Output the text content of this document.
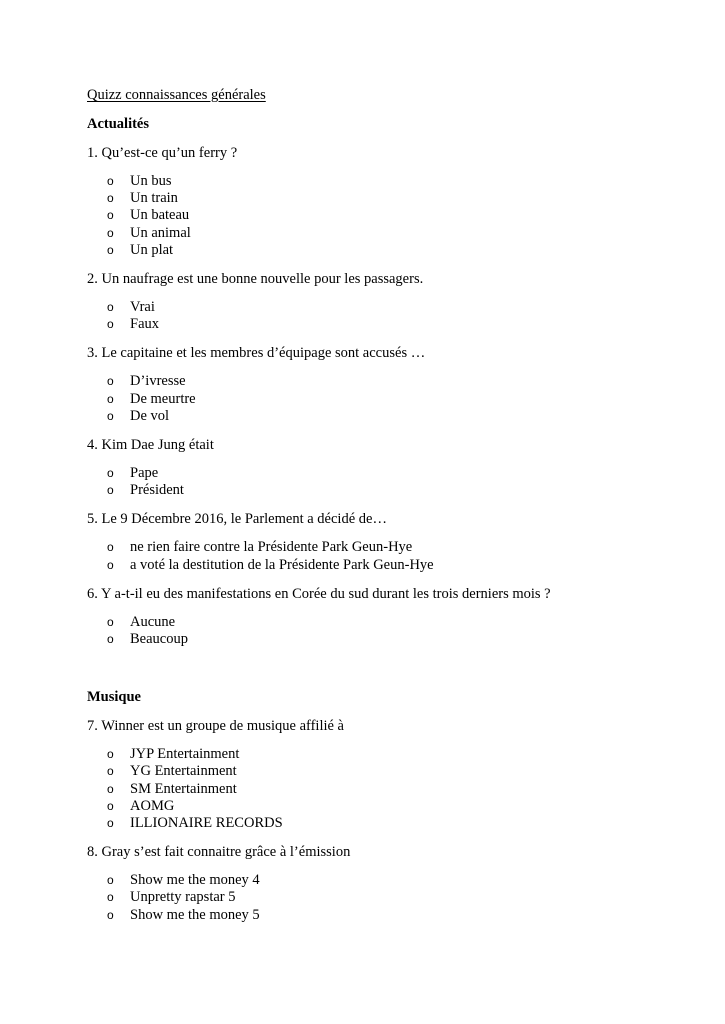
Quizz connaissances générales

Actualités

1. Qu’est-ce qu’un ferry ?

o Un bus
o Un train
o Un bateau
o Un animal
o Un plat

2. Un naufrage est une bonne nouvelle pour les passagers.

o Vrai
o Faux

3. Le capitaine et les membres d’équipage sont accusés …

o D’ivresse
o De meurtre
o De vol

4. Kim Dae Jung était

o Pape
o Président

5. Le 9 Décembre 2016, le Parlement a décidé de…

o ne rien faire contre la Présidente Park Geun-Hye
o a voté la destitution de la Présidente Park Geun-Hye

6. Y a-t-il eu des manifestations en Corée du sud durant les trois derniers mois ?

o Aucune
o Beaucoup

Musique

7. Winner est un groupe de musique affilié à

o JYP Entertainment
o YG Entertainment
o SM Entertainment
o AOMG
o ILLIONAIRE RECORDS

8. Gray s’est fait connaitre grâce à l’émission

o Show me the money 4
o Unpretty rapstar 5
o Show me the money 5
